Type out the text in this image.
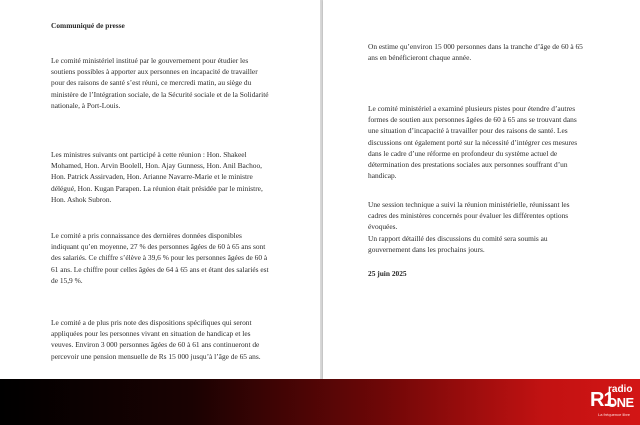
Communiqué de presse

Le comité ministériel institué par le gouvernement pour étudier les
soutiens possibles à apporter aux personnes en incapacité de travailler
pour des raisons de santé s’est réuni, ce mercredi matin, au siège du
ministère de l’Intégration sociale, de la Sécurité sociale et de la Solidarité
nationale, à Port-Louis.

Les ministres suivants ont participé à cette réunion : Hon. Shakeel
Mohamed, Hon. Arvin Boolell, Hon. Ajay Gunness, Hon. Anil Bachoo,
Hon. Patrick Assirvaden, Hon. Arianne Navarre-Marie et le ministre
délégué, Hon. Kugan Parapen. La réunion était présidée par le ministre,
Hon. Ashok Subron.

Le comité a pris connaissance des dernières données disponibles
indiquant qu’en moyenne, 27 % des personnes âgées de 60 à 65 ans sont
des salariés. Ce chiffre s’élève à 39,6 % pour les personnes âgées de 60 à
61 ans. Le chiffre pour celles âgées de 64 à 65 ans et étant des salariés est
de 15,9 %.

Le comité a de plus pris note des dispositions spécifiques qui seront
appliquées pour les personnes vivant en situation de handicap et les
veuves. Environ 3 000 personnes âgées de 60 à 61 ans continueront de
percevoir une pension mensuelle de Rs 15 000 jusqu’à l’âge de 65 ans.

On estime qu’environ 15 000 personnes dans la tranche d’âge de 60 à 65
ans en bénéficieront chaque année.

Le comité ministériel a examiné plusieurs pistes pour étendre d’autres
formes de soutien aux personnes âgées de 60 à 65 ans se trouvant dans
une situation d’incapacité à travailler pour des raisons de santé. Les
discussions ont également porté sur la nécessité d’intégrer ces mesures
dans le cadre d’une réforme en profondeur du système actuel de
détermination des prestations sociales aux personnes souffrant d’un
handicap.

Une session technique a suivi la réunion ministérielle, réunissant les
cadres des ministères concernés pour évaluer les différentes options
évoquées.
Un rapport détaillé des discussions du comité sera soumis au
gouvernement dans les prochains jours.

25 juin 2025

R1
radio
ONE
La fréquence libre
